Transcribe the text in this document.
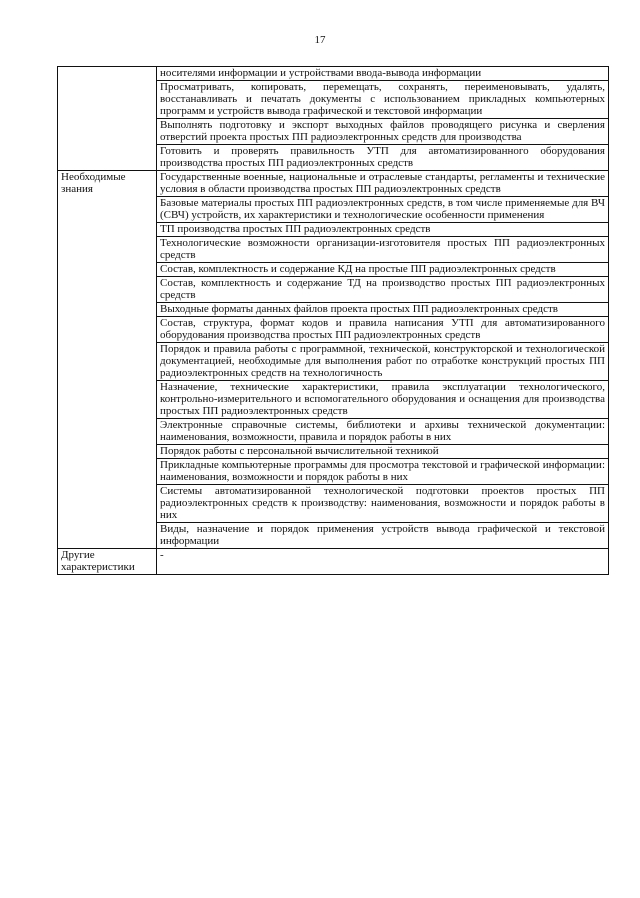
17
	носителями информации и устройствами ввода-вывода информации
	Просматривать, копировать, перемещать, сохранять, переименовывать, удалять, восстанавливать и печатать документы с использованием прикладных компьютерных программ и устройств вывода графической и текстовой информации
	Выполнять подготовку и экспорт выходных файлов проводящего рисунка и сверления отверстий проекта простых ПП радиоэлектронных средств для производства
	Готовить и проверять правильность УТП для автоматизированного оборудования производства простых ПП радиоэлектронных средств
Необходимые знания	Государственные военные, национальные и отраслевые стандарты, регламенты и технические условия в области производства простых ПП радиоэлектронных средств
	Базовые материалы простых ПП радиоэлектронных средств, в том числе применяемые для ВЧ (СВЧ) устройств, их характеристики и технологические особенности применения
	ТП производства простых ПП радиоэлектронных средств
	Технологические возможности организации-изготовителя простых ПП радиоэлектронных средств
	Состав, комплектность и содержание КД на простые ПП радиоэлектронных средств
	Состав, комплектность и содержание ТД на производство простых ПП радиоэлектронных средств
	Выходные форматы данных файлов проекта простых ПП радиоэлектронных средств
	Состав, структура, формат кодов и правила написания УТП для автоматизированного оборудования производства простых ПП радиоэлектронных средств
	Порядок и правила работы с программной, технической, конструкторской и технологической документацией, необходимые для выполнения работ по отработке конструкций простых ПП радиоэлектронных средств на технологичность
	Назначение, технические характеристики, правила эксплуатации технологического, контрольно-измерительного и вспомогательного оборудования и оснащения для производства простых ПП радиоэлектронных средств
	Электронные справочные системы, библиотеки и архивы технической документации: наименования, возможности, правила и порядок работы в них
	Порядок работы с персональной вычислительной техникой
	Прикладные компьютерные программы для просмотра текстовой и графической информации: наименования, возможности и порядок работы в них
	Системы автоматизированной технологической подготовки проектов простых ПП радиоэлектронных средств к производству: наименования, возможности и порядок работы в них
	Виды, назначение и порядок применения устройств вывода графической и текстовой информации
Другие характеристики	-
